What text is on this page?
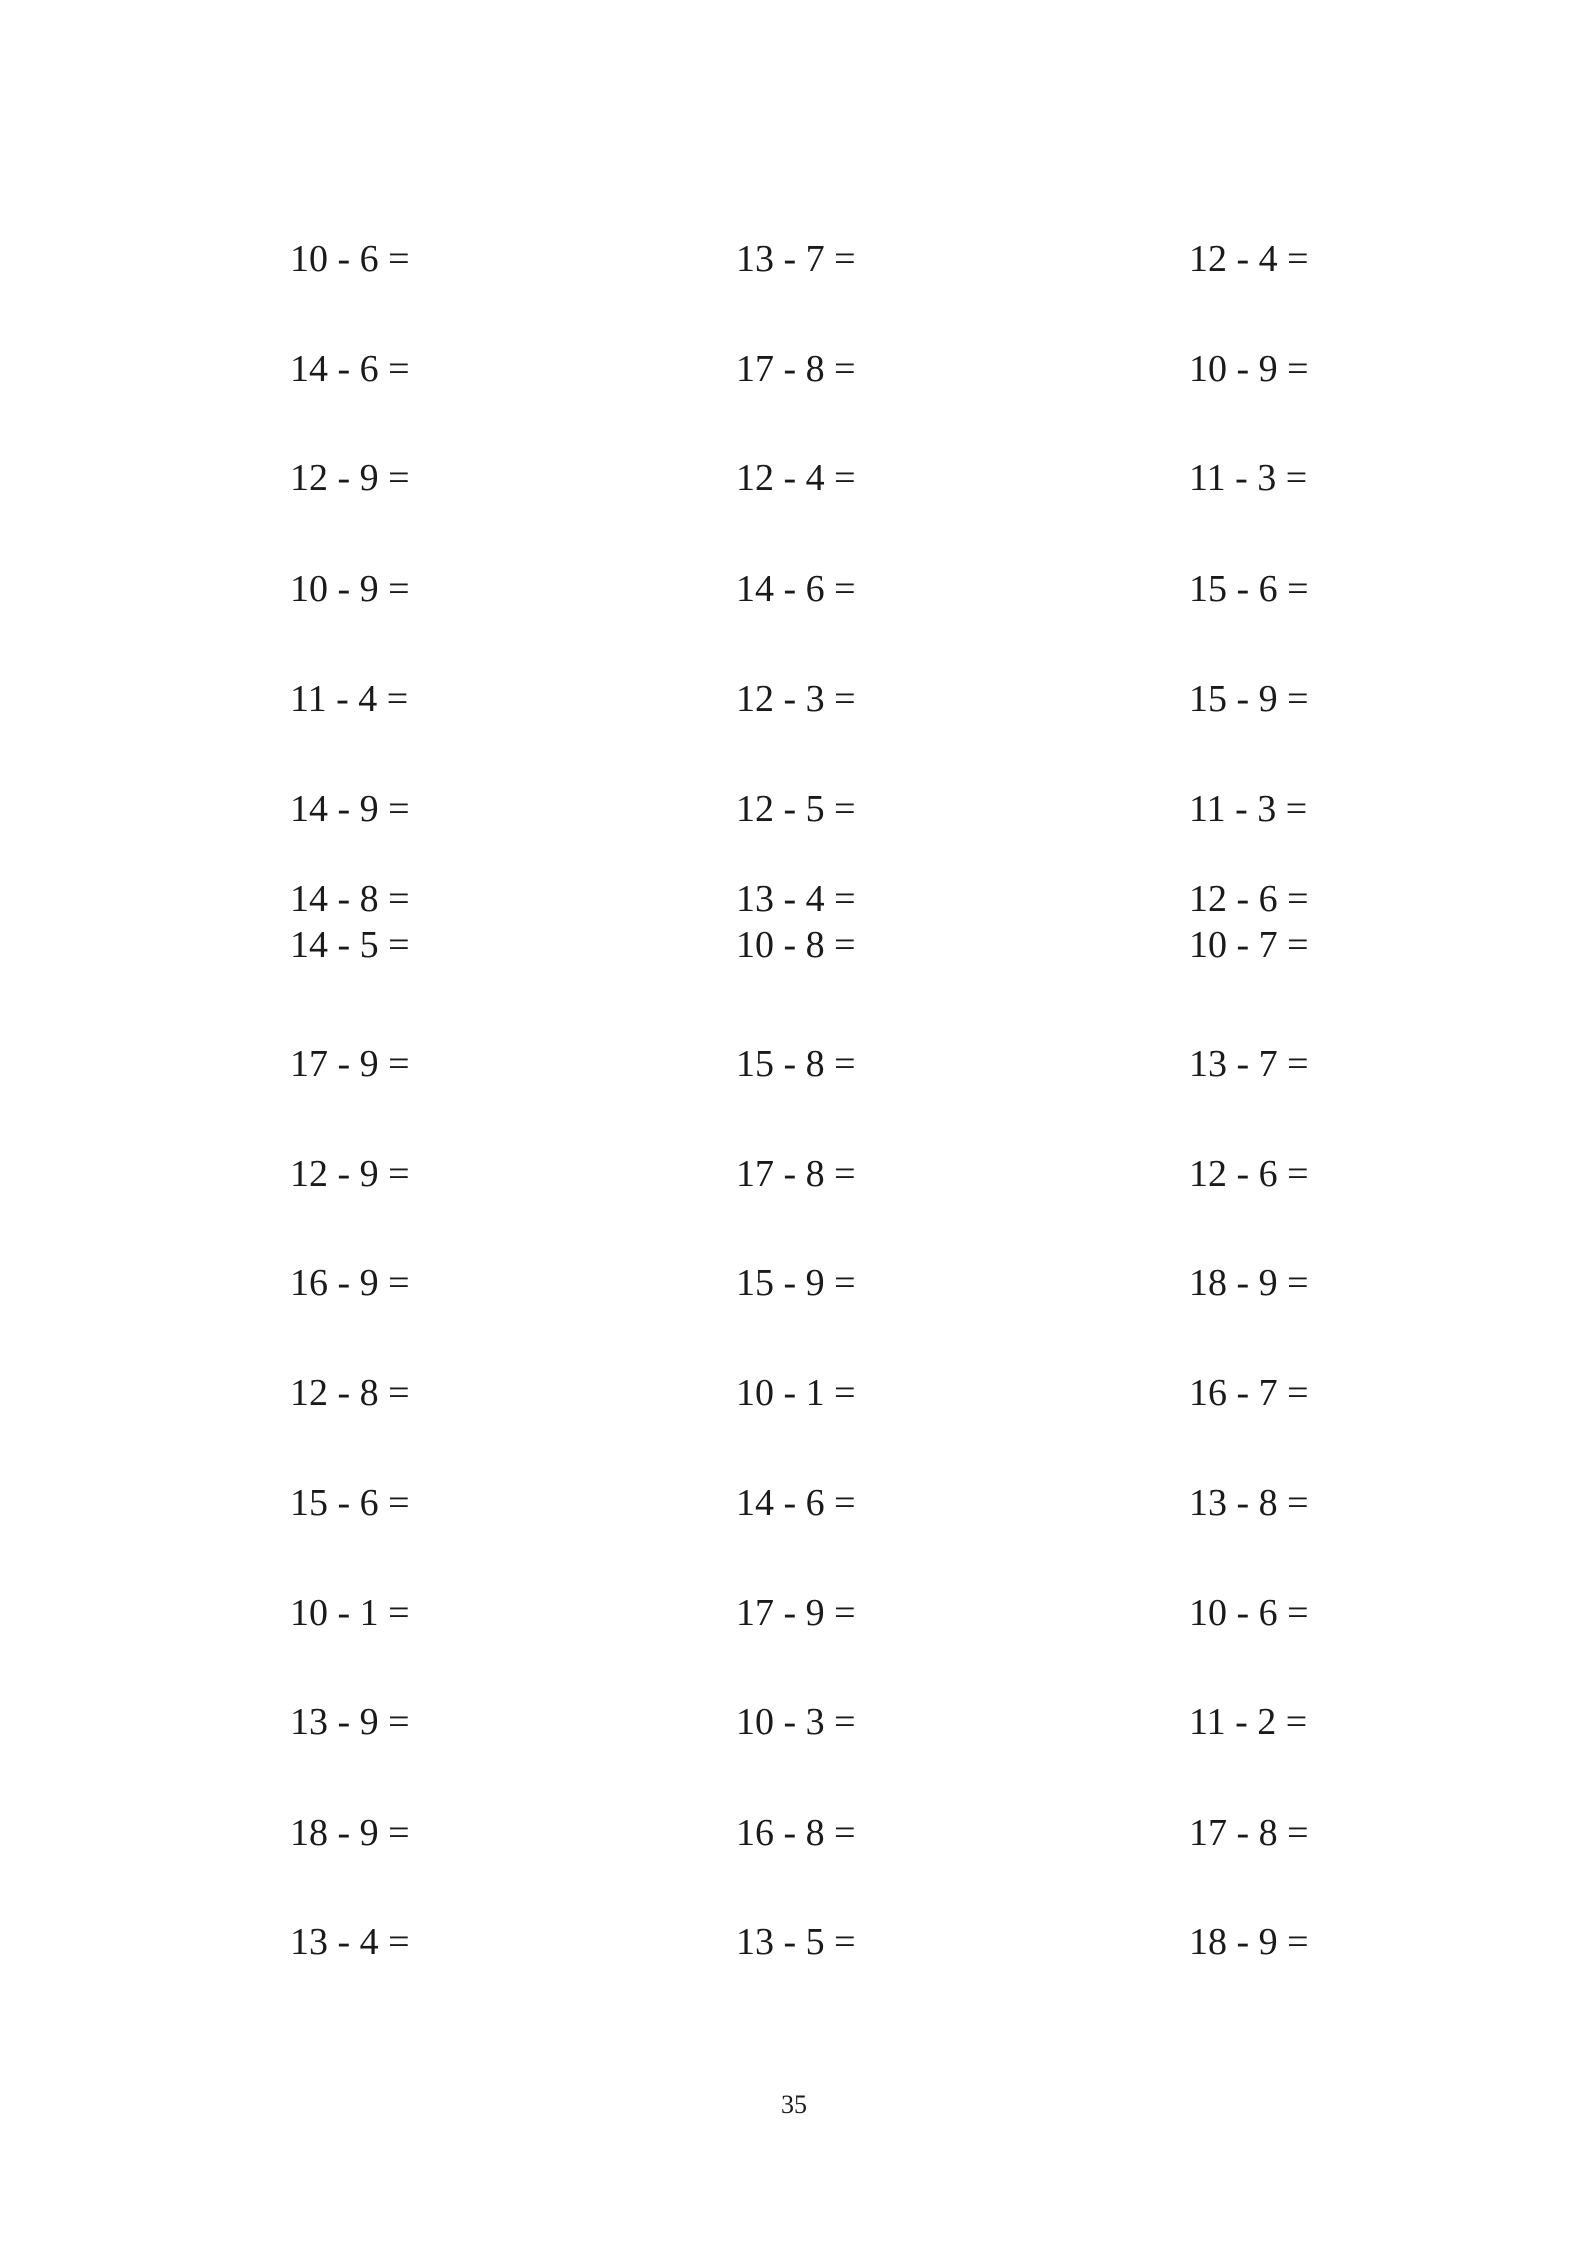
10 - 6 =	13 - 7 =	12 - 4 =
14 - 6 =	17 - 8 =	10 - 9 =
12 - 9 =	12 - 4 =	11 - 3 =
10 - 9 =	14 - 6 =	15 - 6 =
11 - 4 =	12 - 3 =	15 - 9 =
14 - 9 =	12 - 5 =	11 - 3 =
14 - 8 =	13 - 4 =	12 - 6 =
14 - 5 =	10 - 8 =	10 - 7 =
17 - 9 =	15 - 8 =	13 - 7 =
12 - 9 =	17 - 8 =	12 - 6 =
16 - 9 =	15 - 9 =	18 - 9 =
12 - 8 =	10 - 1 =	16 - 7 =
15 - 6 =	14 - 6 =	13 - 8 =
10 - 1 =	17 - 9 =	10 - 6 =
13 - 9 =	10 - 3 =	11 - 2 =
18 - 9 =	16 - 8 =	17 - 8 =
13 - 4 =	13 - 5 =	18 - 9 =
35
